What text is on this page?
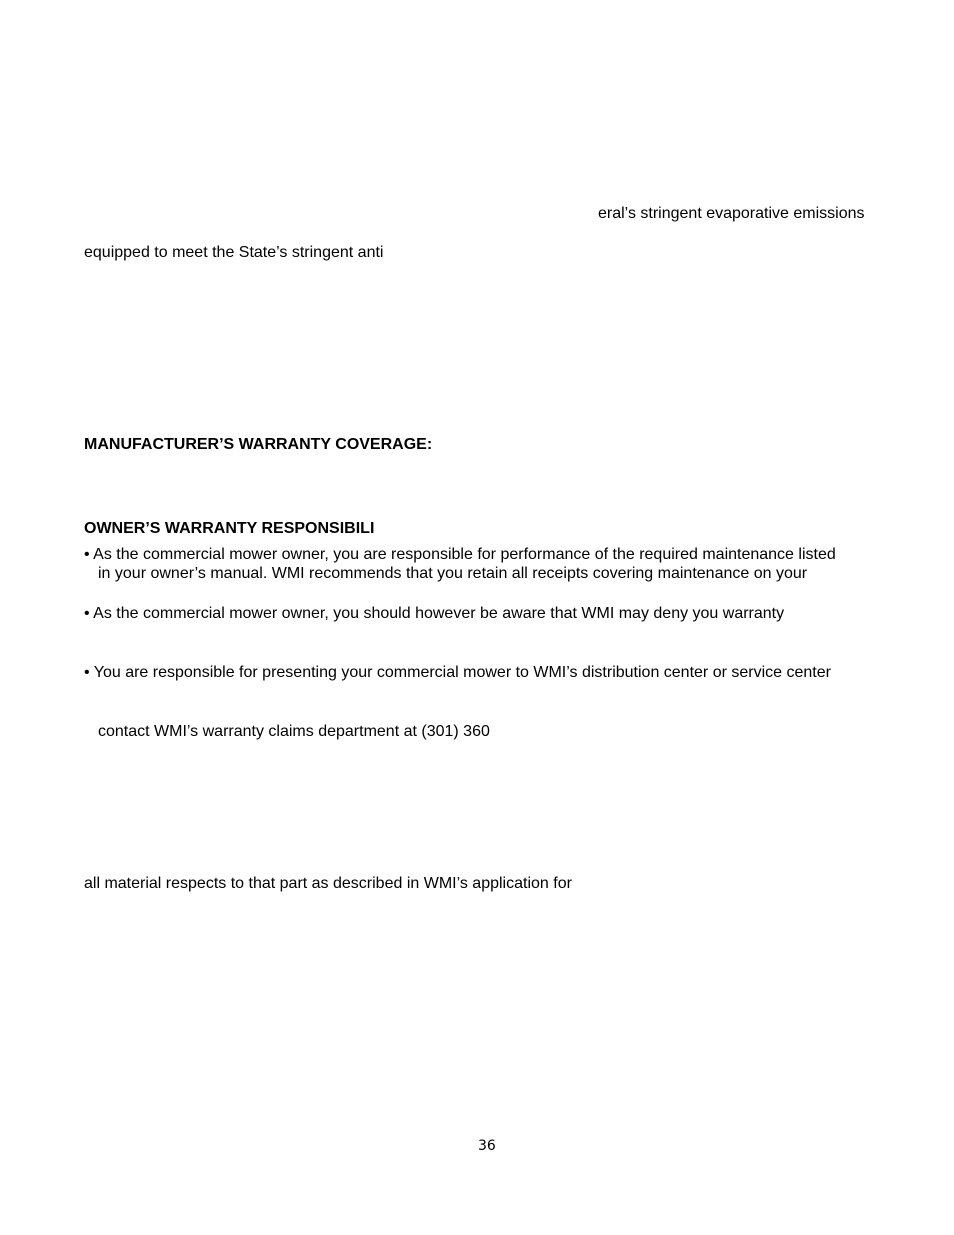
eral’s stringent evaporative emissions
equipped to meet the State’s stringent anti
MANUFACTURER’S WARRANTY COVERAGE:
OWNER’S WARRANTY RESPONSIBILI
• As the commercial mower owner, you are responsible for performance of the required maintenance listed
in your owner’s manual. WMI recommends that you retain all receipts covering maintenance on your
• As the commercial mower owner, you should however be aware that WMI may deny you warranty
• You are responsible for presenting your commercial mower to WMI’s distribution center or service center
contact WMI’s warranty claims department at (301) 360
all material respects to that part as described in WMI’s application for
36
